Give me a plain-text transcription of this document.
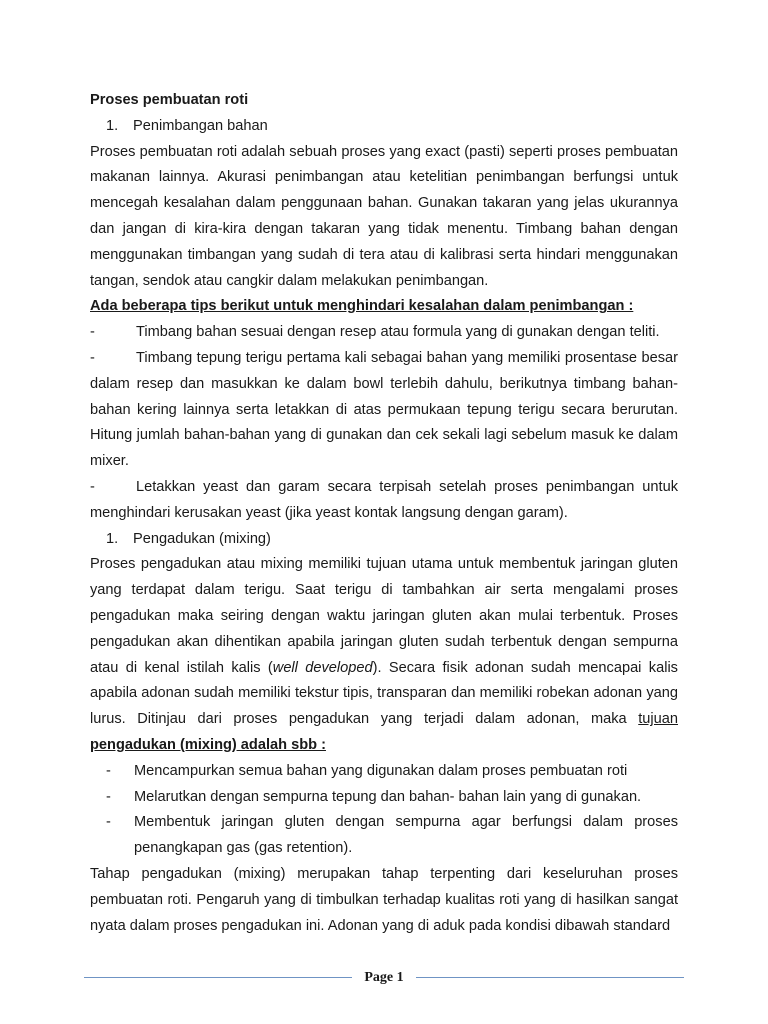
Proses pembuatan roti

1. Penimbangan bahan

Proses pembuatan roti adalah sebuah proses yang exact (pasti) seperti proses pembuatan makanan lainnya. Akurasi penimbangan atau ketelitian penimbangan berfungsi untuk mencegah kesalahan dalam penggunaan bahan. Gunakan takaran yang jelas ukurannya dan jangan di kira-kira dengan takaran yang tidak menentu. Timbang bahan dengan menggunakan timbangan yang sudah di tera atau di kalibrasi serta hindari menggunakan tangan, sendok atau cangkir dalam melakukan penimbangan.

Ada beberapa tips berikut untuk menghindari kesalahan dalam penimbangan :

-	Timbang bahan sesuai dengan resep atau formula yang di gunakan dengan teliti.

-	Timbang tepung terigu pertama kali sebagai bahan yang memiliki prosentase besar dalam resep dan masukkan ke dalam bowl terlebih dahulu, berikutnya timbang bahan-bahan kering lainnya serta letakkan di atas permukaan tepung terigu secara berurutan. Hitung jumlah bahan-bahan yang di gunakan dan cek sekali lagi sebelum masuk ke dalam mixer.

-	Letakkan yeast dan garam secara terpisah setelah proses penimbangan untuk menghindari kerusakan yeast (jika yeast kontak langsung dengan garam).

1. Pengadukan (mixing)

Proses pengadukan atau mixing memiliki tujuan utama untuk membentuk jaringan gluten yang terdapat dalam terigu. Saat terigu di tambahkan air serta mengalami proses pengadukan maka seiring dengan waktu jaringan gluten akan mulai terbentuk. Proses pengadukan akan dihentikan apabila jaringan gluten sudah terbentuk dengan sempurna atau di kenal istilah kalis (well developed). Secara fisik adonan sudah mencapai kalis apabila adonan sudah memiliki tekstur tipis, transparan dan memiliki robekan adonan yang lurus. Ditinjau dari proses pengadukan yang terjadi dalam adonan, maka tujuan pengadukan (mixing) adalah sbb :

- Mencampurkan semua bahan yang digunakan dalam proses pembuatan roti
- Melarutkan dengan sempurna tepung dan bahan- bahan lain yang di gunakan.
- Membentuk jaringan gluten dengan sempurna agar berfungsi dalam proses penangkapan gas (gas retention).

Tahap pengadukan (mixing) merupakan tahap terpenting dari keseluruhan proses pembuatan roti. Pengaruh yang di timbulkan terhadap kualitas roti yang di hasilkan sangat nyata dalam proses pengadukan ini. Adonan yang di aduk pada kondisi dibawah standard

Page 1
